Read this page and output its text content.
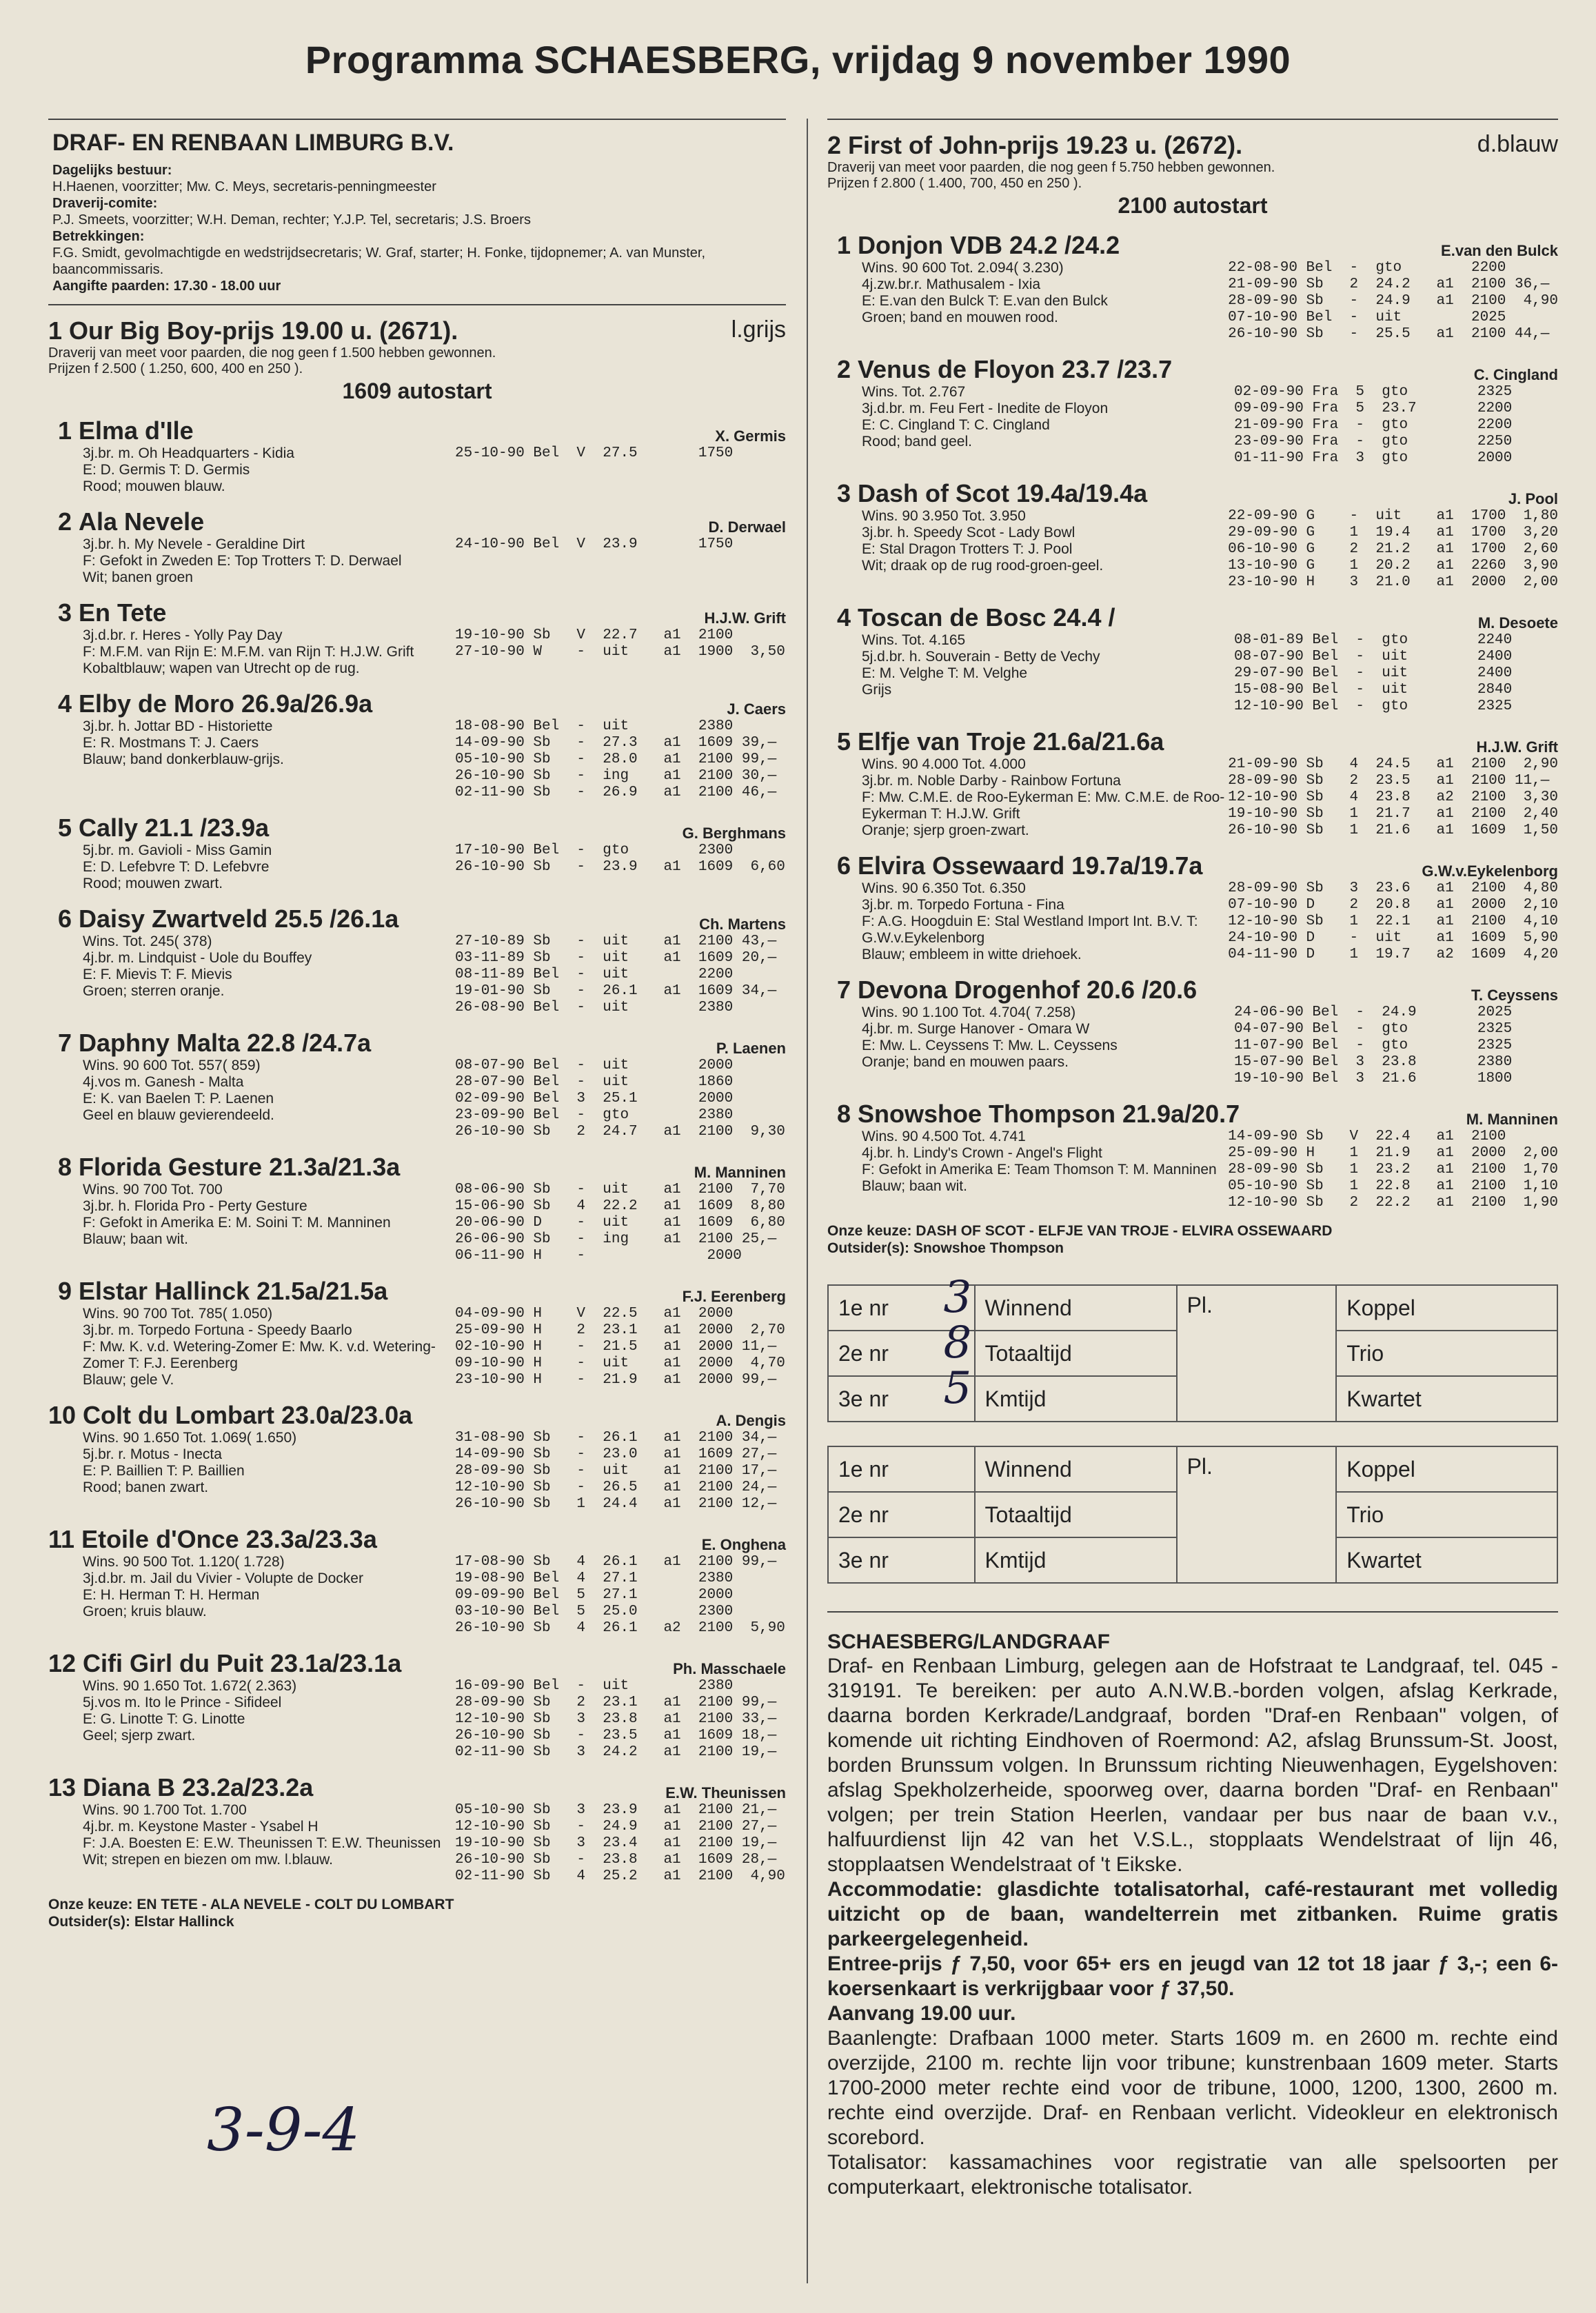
Programma SCHAESBERG, vrijdag 9 november 1990
DRAF- EN RENBAAN LIMBURG B.V.
Dagelijks bestuur:
H.Haenen, voorzitter; Mw. C. Meys, secretaris-penningmeester
Draverij-comite:
P.J. Smeets, voorzitter; W.H. Deman, rechter; Y.J.P. Tel, secretaris; J.S. Broers
Betrekkingen:
F.G. Smidt, gevolmachtigde en wedstrijdsecretaris; W. Graf, starter; H. Fonke, tijdopnemer; A. van Munster, baancommissaris.
Aangifte paarden: 17.30 - 18.00 uur
1 Our Big Boy-prijs 19.00 u. (2671).	l.grijs
Draverij van meet voor paarden, die nog geen f 1.500 hebben gewonnen.
Prijzen f 2.500 ( 1.250, 600, 400 en 250 ).
1609 autostart
1 Elma d'Ile	X. Germis
3j.br. m. Oh Headquarters - Kidia
E: D. Germis T: D. Germis
Rood; mouwen blauw.
25-10-90 Bel  V  27.5       1750
2 Ala Nevele	D. Derwael
3j.br. h. My Nevele - Geraldine Dirt
F: Gefokt in Zweden E: Top Trotters T: D. Derwael
Wit; banen groen
24-10-90 Bel  V  23.9       1750
3 En Tete	H.J.W. Grift
3j.d.br. r. Heres - Yolly Pay Day
F: M.F.M. van Rijn E: M.F.M. van Rijn T: H.J.W. Grift
Kobaltblauw; wapen van Utrecht op de rug.
19-10-90 Sb   V  22.7   a1  2100
27-10-90 W    -  uit    a1  1900  3,50
4 Elby de Moro 26.9a/26.9a	J. Caers
3j.br. h. Jottar BD - Historiette
E: R. Mostmans T: J. Caers
Blauw; band donkerblauw-grijs.
18-08-90 Bel  -  uit        2380
14-09-90 Sb   -  27.3   a1  1609 39,—
05-10-90 Sb   -  28.0   a1  2100 99,—
26-10-90 Sb   -  ing    a1  2100 30,—
02-11-90 Sb   -  26.9   a1  2100 46,—
5 Cally 21.1 /23.9a	G. Berghmans
5j.br. m. Gavioli - Miss Gamin
E: D. Lefebvre T: D. Lefebvre
Rood; mouwen zwart.
17-10-90 Bel  -  gto        2300
26-10-90 Sb   -  23.9   a1  1609  6,60
6 Daisy Zwartveld 25.5 /26.1a	Ch. Martens
Wins. Tot. 245( 378)
4j.br. m. Lindquist - Uole du Bouffey
E: F. Mievis T: F. Mievis
Groen; sterren oranje.
27-10-89 Sb   -  uit    a1  2100 43,—
03-11-89 Sb   -  uit    a1  1609 20,—
08-11-89 Bel  -  uit        2200
19-01-90 Sb   -  26.1   a1  1609 34,—
26-08-90 Bel  -  uit        2380
7 Daphny Malta 22.8 /24.7a	P. Laenen
Wins. 90 600 Tot. 557( 859)
4j.vos m. Ganesh - Malta
E: K. van Baelen T: P. Laenen
Geel en blauw gevierendeeld.
08-07-90 Bel  -  uit        2000
28-07-90 Bel  -  uit        1860
02-09-90 Bel  3  25.1       2000
23-09-90 Bel  -  gto        2380
26-10-90 Sb   2  24.7   a1  2100  9,30
8 Florida Gesture 21.3a/21.3a	M. Manninen
Wins. 90 700 Tot. 700
3j.br. h. Florida Pro - Perty Gesture
F: Gefokt in Amerika E: M. Soini T: M. Manninen
Blauw; baan wit.
08-06-90 Sb   -  uit    a1  2100  7,70
15-06-90 Sb   4  22.2   a1  1609  8,80
20-06-90 D    -  uit    a1  1609  6,80
26-06-90 Sb   -  ing    a1  2100 25,—
06-11-90 H    -              2000
9 Elstar Hallinck 21.5a/21.5a	F.J. Eerenberg
Wins. 90 700 Tot. 785( 1.050)
3j.br. m. Torpedo Fortuna - Speedy Baarlo
F: Mw. K. v.d. Wetering-Zomer E: Mw. K. v.d. Wetering-Zomer T: F.J. Eerenberg
Blauw; gele V.
04-09-90 H    V  22.5   a1  2000
25-09-90 H    2  23.1   a1  2000  2,70
02-10-90 H    -  21.5   a1  2000 11,—
09-10-90 H    -  uit    a1  2000  4,70
23-10-90 H    -  21.9   a1  2000 99,—
10 Colt du Lombart 23.0a/23.0a	A. Dengis
Wins. 90 1.650 Tot. 1.069( 1.650)
5j.br. r. Motus - Inecta
E: P. Baillien T: P. Baillien
Rood; banen zwart.
31-08-90 Sb   -  26.1   a1  2100 34,—
14-09-90 Sb   -  23.0   a1  1609 27,—
28-09-90 Sb   -  uit    a1  2100 17,—
12-10-90 Sb   -  26.5   a1  2100 24,—
26-10-90 Sb   1  24.4   a1  2100 12,—
11 Etoile d'Once 23.3a/23.3a	E. Onghena
Wins. 90 500 Tot. 1.120( 1.728)
3j.d.br. m. Jail du Vivier - Volupte de Docker
E: H. Herman T: H. Herman
Groen; kruis blauw.
17-08-90 Sb   4  26.1   a1  2100 99,—
19-08-90 Bel  4  27.1       2380
09-09-90 Bel  5  27.1       2000
03-10-90 Bel  5  25.0       2300
26-10-90 Sb   4  26.1   a2  2100  5,90
12 Cifi Girl du Puit 23.1a/23.1a	Ph. Masschaele
Wins. 90 1.650 Tot. 1.672( 2.363)
5j.vos m. Ito le Prince - Sifideel
E: G. Linotte T: G. Linotte
Geel; sjerp zwart.
16-09-90 Bel  -  uit        2380
28-09-90 Sb   2  23.1   a1  2100 99,—
12-10-90 Sb   3  23.8   a1  2100 33,—
26-10-90 Sb   -  23.5   a1  1609 18,—
02-11-90 Sb   3  24.2   a1  2100 19,—
13 Diana B 23.2a/23.2a	E.W. Theunissen
Wins. 90 1.700 Tot. 1.700
4j.br. m. Keystone Master - Ysabel H
F: J.A. Boesten E: E.W. Theunissen T: E.W. Theunissen
Wit; strepen en biezen om mw. l.blauw.
05-10-90 Sb   3  23.9   a1  2100 21,—
12-10-90 Sb   -  24.9   a1  2100 27,—
19-10-90 Sb   3  23.4   a1  2100 19,—
26-10-90 Sb   -  23.8   a1  1609 28,—
02-11-90 Sb   4  25.2   a1  2100  4,90
Onze keuze: EN TETE - ALA NEVELE - COLT DU LOMBART
Outsider(s): Elstar Hallinck
2 First of John-prijs 19.23 u. (2672).	d.blauw
Draverij van meet voor paarden, die nog geen f 5.750 hebben gewonnen.
Prijzen f 2.800 ( 1.400, 700, 450 en 250 ).
2100 autostart
1 Donjon VDB 24.2 /24.2	E.van den Bulck
Wins. 90 600 Tot. 2.094( 3.230)
4j.zw.br.r. Mathusalem - Ixia
E: E.van den Bulck T: E.van den Bulck
Groen; band en mouwen rood.
22-08-90 Bel  -  gto        2200
21-09-90 Sb   2  24.2   a1  2100 36,—
28-09-90 Sb   -  24.9   a1  2100  4,90
07-10-90 Bel  -  uit        2025
26-10-90 Sb   -  25.5   a1  2100 44,—
2 Venus de Floyon 23.7 /23.7	C. Cingland
Wins. Tot. 2.767
3j.d.br. m. Feu Fert - Inedite de Floyon
E: C. Cingland T: C. Cingland
Rood; band geel.
02-09-90 Fra  5  gto        2325
09-09-90 Fra  5  23.7       2200
21-09-90 Fra  -  gto        2200
23-09-90 Fra  -  gto        2250
01-11-90 Fra  3  gto        2000
3 Dash of Scot 19.4a/19.4a	J. Pool
Wins. 90 3.950 Tot. 3.950
3j.br. h. Speedy Scot - Lady Bowl
E: Stal Dragon Trotters T: J. Pool
Wit; draak op de rug rood-groen-geel.
22-09-90 G    -  uit    a1  1700  1,80
29-09-90 G    1  19.4   a1  1700  3,20
06-10-90 G    2  21.2   a1  1700  2,60
13-10-90 G    1  20.2   a1  2260  3,90
23-10-90 H    3  21.0   a1  2000  2,00
4 Toscan de Bosc 24.4 /	M. Desoete
Wins. Tot. 4.165
5j.d.br. h. Souverain - Betty de Vechy
E: M. Velghe T: M. Velghe
Grijs
08-01-89 Bel  -  gto        2240
08-07-90 Bel  -  uit        2400
29-07-90 Bel  -  uit        2400
15-08-90 Bel  -  uit        2840
12-10-90 Bel  -  gto        2325
5 Elfje van Troje 21.6a/21.6a	H.J.W. Grift
Wins. 90 4.000 Tot. 4.000
3j.br. m. Noble Darby - Rainbow Fortuna
F: Mw. C.M.E. de Roo-Eykerman E: Mw. C.M.E. de Roo-Eykerman T: H.J.W. Grift
Oranje; sjerp groen-zwart.
21-09-90 Sb   4  24.5   a1  2100  2,90
28-09-90 Sb   2  23.5   a1  2100 11,—
12-10-90 Sb   4  23.8   a2  2100  3,30
19-10-90 Sb   1  21.7   a1  2100  2,40
26-10-90 Sb   1  21.6   a1  1609  1,50
6 Elvira Ossewaard 19.7a/19.7a	G.W.v.Eykelenborg
Wins. 90 6.350 Tot. 6.350
3j.br. m. Torpedo Fortuna - Fina
F: A.G. Hoogduin E: Stal Westland Import Int. B.V. T: G.W.v.Eykelenborg
Blauw; embleem in witte driehoek.
28-09-90 Sb   3  23.6   a1  2100  4,80
07-10-90 D    2  20.8   a1  2000  2,10
12-10-90 Sb   1  22.1   a1  2100  4,10
24-10-90 D    -  uit    a1  1609  5,90
04-11-90 D    1  19.7   a2  1609  4,20
7 Devona Drogenhof 20.6 /20.6	T. Ceyssens
Wins. 90 1.100 Tot. 4.704( 7.258)
4j.br. m. Surge Hanover - Omara W
E: Mw. L. Ceyssens T: Mw. L. Ceyssens
Oranje; band en mouwen paars.
24-06-90 Bel  -  24.9       2025
04-07-90 Bel  -  gto        2325
11-07-90 Bel  -  gto        2325
15-07-90 Bel  3  23.8       2380
19-10-90 Bel  3  21.6       1800
8 Snowshoe Thompson 21.9a/20.7	M. Manninen
Wins. 90 4.500 Tot. 4.741
4j.br. h. Lindy's Crown - Angel's Flight
F: Gefokt in Amerika E: Team Thomson T: M. Manninen
Blauw; baan wit.
14-09-90 Sb   V  22.4   a1  2100
25-09-90 H    1  21.9   a1  2000  2,00
28-09-90 Sb   1  23.2   a1  2100  1,70
05-10-90 Sb   1  22.8   a1  2100  1,10
12-10-90 Sb   2  22.2   a1  2100  1,90
Onze keuze: DASH OF SCOT - ELFJE VAN TROJE - ELVIRA OSSEWAARD
Outsider(s): Snowshoe Thompson
1e nr	3 Winnend	Pl.	Koppel
2e nr	8 Totaaltijd		Trio
3e nr	5 Kmtijd		Kwartet
1e nr	Winnend	Pl.	Koppel
2e nr	Totaaltijd		Trio
3e nr	Kmtijd		Kwartet
SCHAESBERG/LANDGRAAF

Draf- en Renbaan Limburg, gelegen aan de Hofstraat te Landgraaf, tel. 045 - 319191. Te bereiken: per auto A.N.W.B.-borden volgen, afslag Kerkrade, daarna borden Kerkrade/Landgraaf, borden "Draf-en Renbaan" volgen, of komende uit richting Eindhoven of Roermond: A2, afslag Brunssum-St. Joost, borden Brunssum volgen. In Brunssum richting Nieuwenhagen, Eygelshoven: afslag Spekholzerheide, spoorweg over, daarna borden "Draf- en Renbaan" volgen; per trein Station Heerlen, vandaar per bus naar de baan v.v., halfuurdienst lijn 42 van het V.S.L., stopplaats Wendelstraat of lijn 46, stopplaatsen Wendelstraat of 't Eikske.

Accommodatie: glasdichte totalisatorhal, café-restaurant met volledig uitzicht op de baan, wandelterrein met zitbanken. Ruime gratis parkeergelegenheid.

Entree-prijs ƒ 7,50, voor 65+ ers en jeugd van 12 tot 18 jaar ƒ 3,-; een 6-koersenkaart is verkrijgbaar voor ƒ 37,50.

Aanvang 19.00 uur.

Baanlengte: Drafbaan 1000 meter. Starts 1609 m. en 2600 m. rechte eind overzijde, 2100 m. rechte lijn voor tribune; kunstrenbaan 1609 meter. Starts 1700-2000 meter rechte eind voor de tribune, 1000, 1200, 1300, 2600 m. rechte eind overzijde. Draf- en Renbaan verlicht. Videokleur en elektronisch scorebord.

Totalisator: kassamachines voor registratie van alle spelsoorten per computerkaart, elektronische totalisator.

3-9-4
